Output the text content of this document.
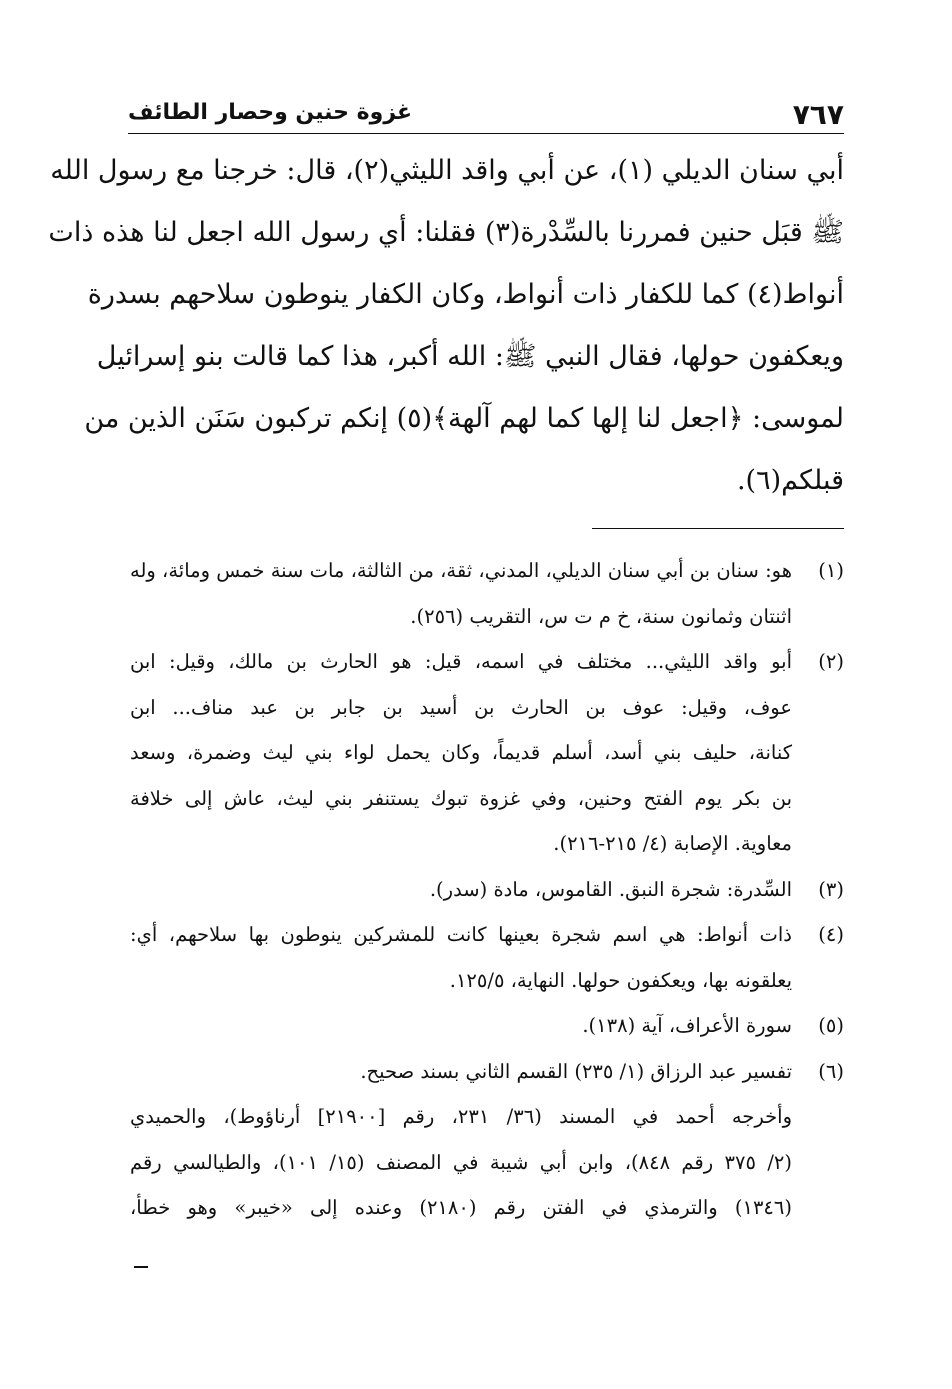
٧٦٧
غزوة حنين وحصار الطائف
أبي سنان الديلي (١)، عن أبي واقد الليثي(٢)، قال: خرجنا مع رسول الله
ﷺ قبَل حنين فمررنا بالسِّدْرة(٣) فقلنا: أي رسول الله اجعل لنا هذه ذات
أنواط(٤) كما للكفار ذات أنواط، وكان الكفار ينوطون سلاحهم بسدرة
ويعكفون حولها، فقال النبي ﷺ: الله أكبر، هذا كما قالت بنو إسرائيل
لموسى: ﴿اجعل لنا إلها كما لهم آلهة﴾(٥) إنكم تركبون سَنَن الذين من
قبلكم(٦).
(١)
هو: سنان بن أبي سنان الديلي، المدني، ثقة، من الثالثة، مات سنة خمس ومائة، وله
اثنتان وثمانون سنة، خ م ت س، التقريب (٢٥٦).
(٢)
أبو واقد الليثي... مختلف في اسمه، قيل: هو الحارث بن مالك، وقيل: ابن
عوف، وقيل: عوف بن الحارث بن أسيد بن جابر بن عبد مناف... ابن
كنانة، حليف بني أسد، أسلم قديماً، وكان يحمل لواء بني ليث وضمرة، وسعد
بن بكر يوم الفتح وحنين، وفي غزوة تبوك يستنفر بني ليث، عاش إلى خلافة
معاوية. الإصابة (٤/ ٢١٥-٢١٦).
(٣)
السِّدرة: شجرة النبق. القاموس، مادة (سدر).
(٤)
ذات أنواط: هي اسم شجرة بعينها كانت للمشركين ينوطون بها سلاحهم، أي:
يعلقونه بها، ويعكفون حولها. النهاية، ١٢٥/٥.
(٥)
سورة الأعراف، آية (١٣٨).
(٦)
تفسير عبد الرزاق (١/ ٢٣٥) القسم الثاني بسند صحيح.
وأخرجه أحمد في المسند (٣٦/ ٢٣١، رقم [٢١٩٠٠] أرناؤوط)، والحميدي
(٢/ ٣٧٥ رقم ٨٤٨)، وابن أبي شيبة في المصنف (١٥/ ١٠١)، والطيالسي رقم
(١٣٤٦) والترمذي في الفتن رقم (٢١٨٠) وعنده إلى «خيبر» وهو خطأ،
